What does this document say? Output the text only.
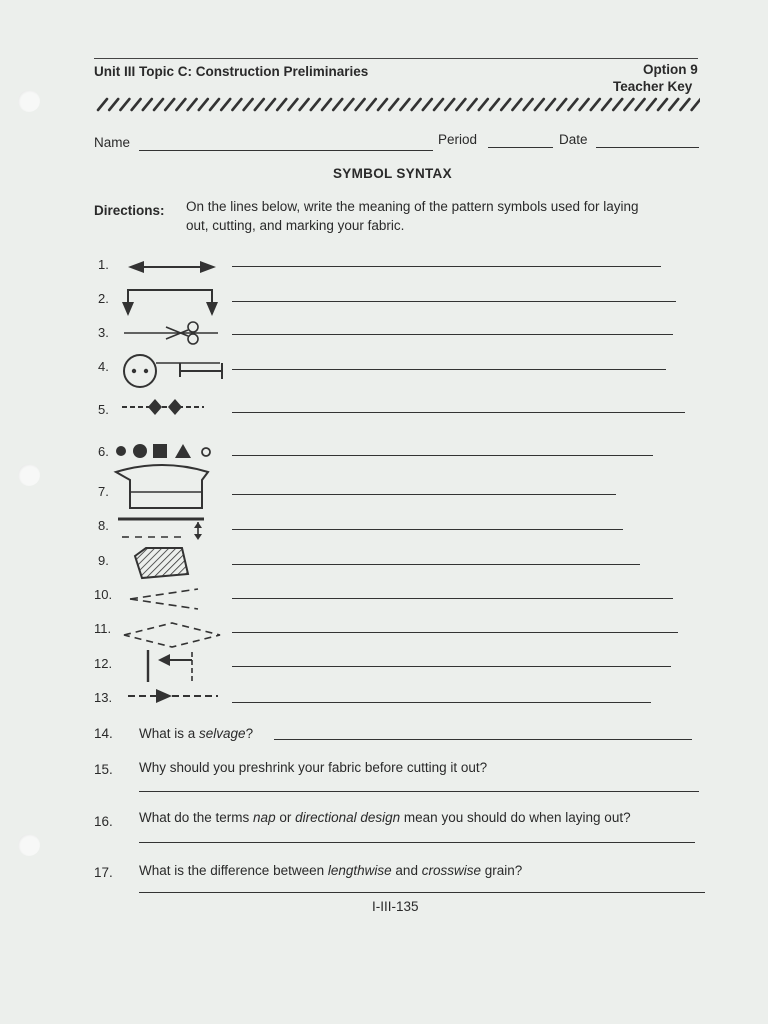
Unit III Topic C: Construction Preliminaries	Option 9
Teacher Key
Name	Period	Date
SYMBOL SYNTAX
Directions: On the lines below, write the meaning of the pattern symbols used for laying
out, cutting, and marking your fabric.
1.
2.
3.
4.
5.
6.
7.
8.
9.
10.
11.
12.
13.
14. What is a selvage?
15. Why should you preshrink your fabric before cutting it out?
16. What do the terms nap or directional design mean you should do when laying out?
17. What is the difference between lengthwise and crosswise grain?
I-III-135
